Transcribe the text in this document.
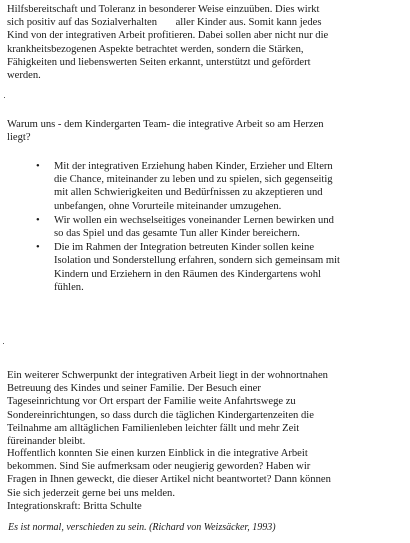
Hilfsbereitschaft und Toleranz in besonderer Weise einzuüben. Dies wirkt
sich positiv auf das Sozialverhalten       aller Kinder aus. Somit kann jedes
Kind von der integrativen Arbeit profitieren. Dabei sollen aber nicht nur die
krankheitsbezogenen Aspekte betrachtet werden, sondern die Stärken,
Fähigkeiten und liebenswerten Seiten erkannt, unterstützt und gefördert
werden.
Warum uns - dem Kindergarten Team- die integrative Arbeit so am Herzen
liegt?
• Mit der integrativen Erziehung haben Kinder, Erzieher und Eltern
die Chance, miteinander zu leben und zu spielen, sich gegenseitig
mit allen Schwierigkeiten und Bedürfnissen zu akzeptieren und
unbefangen, ohne Vorurteile miteinander umzugehen.
• Wir wollen ein wechselseitiges voneinander Lernen bewirken und
so das Spiel und das gesamte Tun aller Kinder bereichern.
• Die im Rahmen der Integration betreuten Kinder sollen keine
Isolation und Sonderstellung erfahren, sondern sich gemeinsam mit
Kindern und Erziehern in den Räumen des Kindergartens wohl
fühlen.
Ein weiterer Schwerpunkt der integrativen Arbeit liegt in der wohnortnahen
Betreuung des Kindes und seiner Familie. Der Besuch einer
Tageseinrichtung vor Ort erspart der Familie weite Anfahrtswege zu
Sondereinrichtungen, so dass durch die täglichen Kindergartenzeiten die
Teilnahme am alltäglichen Familienleben leichter fällt und mehr Zeit
füreinander bleibt.
Hoffentlich konnten Sie einen kurzen Einblick in die integrative Arbeit
bekommen. Sind Sie aufmerksam oder neugierig geworden? Haben wir
Fragen in Ihnen geweckt, die dieser Artikel nicht beantwortet? Dann können
Sie sich jederzeit gerne bei uns melden.
Integrationskraft: Britta Schulte
Es ist normal, verschieden zu sein. (Richard von Weizsäcker, 1993)
